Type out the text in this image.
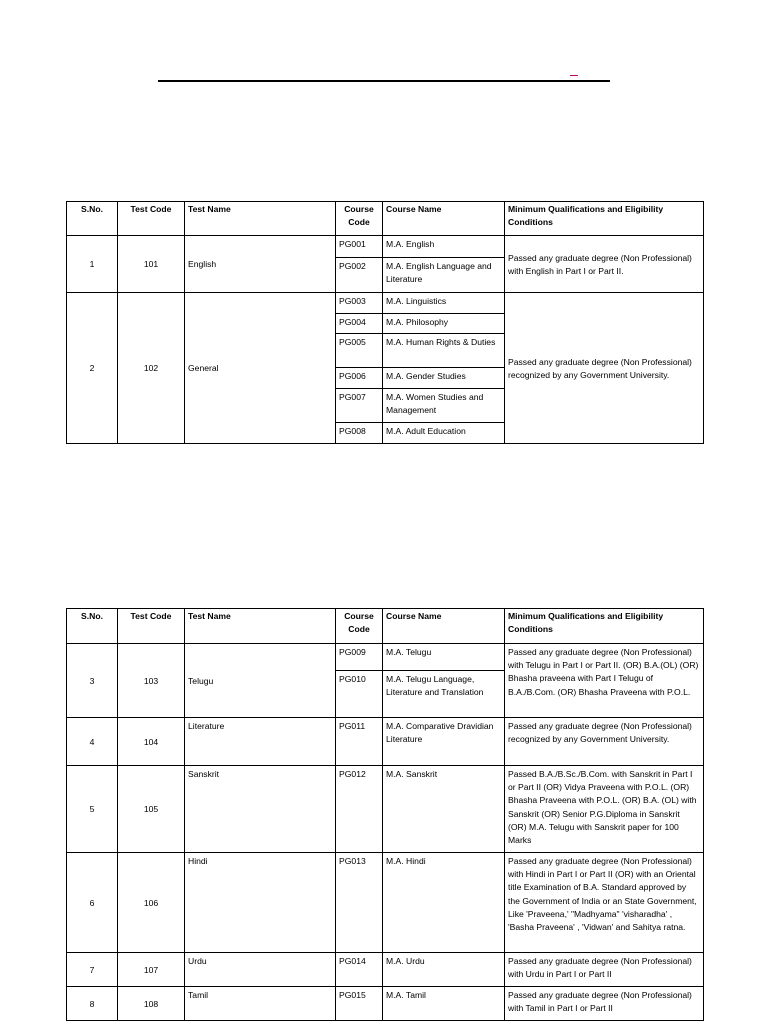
S.No.	Test Code	Test Name	Course Code	Course Name	Minimum Qualifications and Eligibility Conditions
1	101	English	PG001	M.A. English	Passed any graduate degree (Non Professional) with English in Part I or Part II.
			PG002	M.A. English Language and Literature	
2	102	General	PG003	M.A. Linguistics	Passed any graduate degree (Non Professional) recognized by any Government University.
			PG004	M.A. Philosophy	
			PG005	M.A. Human Rights & Duties	
			PG006	M.A. Gender Studies	
			PG007	M.A. Women Studies and Management	
			PG008	M.A. Adult Education	
S.No.	Test Code	Test Name	Course Code	Course Name	Minimum Qualifications and Eligibility Conditions
3	103	Telugu	PG009	M.A. Telugu	Passed any graduate degree (Non Professional) with Telugu in Part I or Part II. (OR) B.A.(OL) (OR) Bhasha praveena with Part I Telugu of B.A./B.Com. (OR) Bhasha Praveena with P.O.L.
			PG010	M.A. Telugu Language, Literature and Translation	
4	104	Literature	PG011	M.A. Comparative Dravidian Literature	Passed any graduate degree (Non Professional) recognized by any Government University.
5	105	Sanskrit	PG012	M.A. Sanskrit	Passed B.A./B.Sc./B.Com. with Sanskrit in Part I or Part II (OR) Vidya Praveena with P.O.L. (OR) Bhasha Praveena with P.O.L. (OR) B.A. (OL) with Sanskrit (OR) Senior P.G.Diploma in Sanskrit (OR) M.A. Telugu with Sanskrit paper for 100 Marks
6	106	Hindi	PG013	M.A. Hindi	Passed any graduate degree (Non Professional) with Hindi in Part I or Part II (OR) with an Oriental title Examination of B.A. Standard approved by the Government of India or an State Government, Like 'Praveena,' "Madhyama" 'visharadha' , 'Basha Praveena' , 'Vidwan' and Sahitya ratna.
7	107	Urdu	PG014	M.A. Urdu	Passed any graduate degree (Non Professional) with Urdu in Part I or Part II
8	108	Tamil	PG015	M.A. Tamil	Passed any graduate degree (Non Professional) with Tamil in Part I or Part II
